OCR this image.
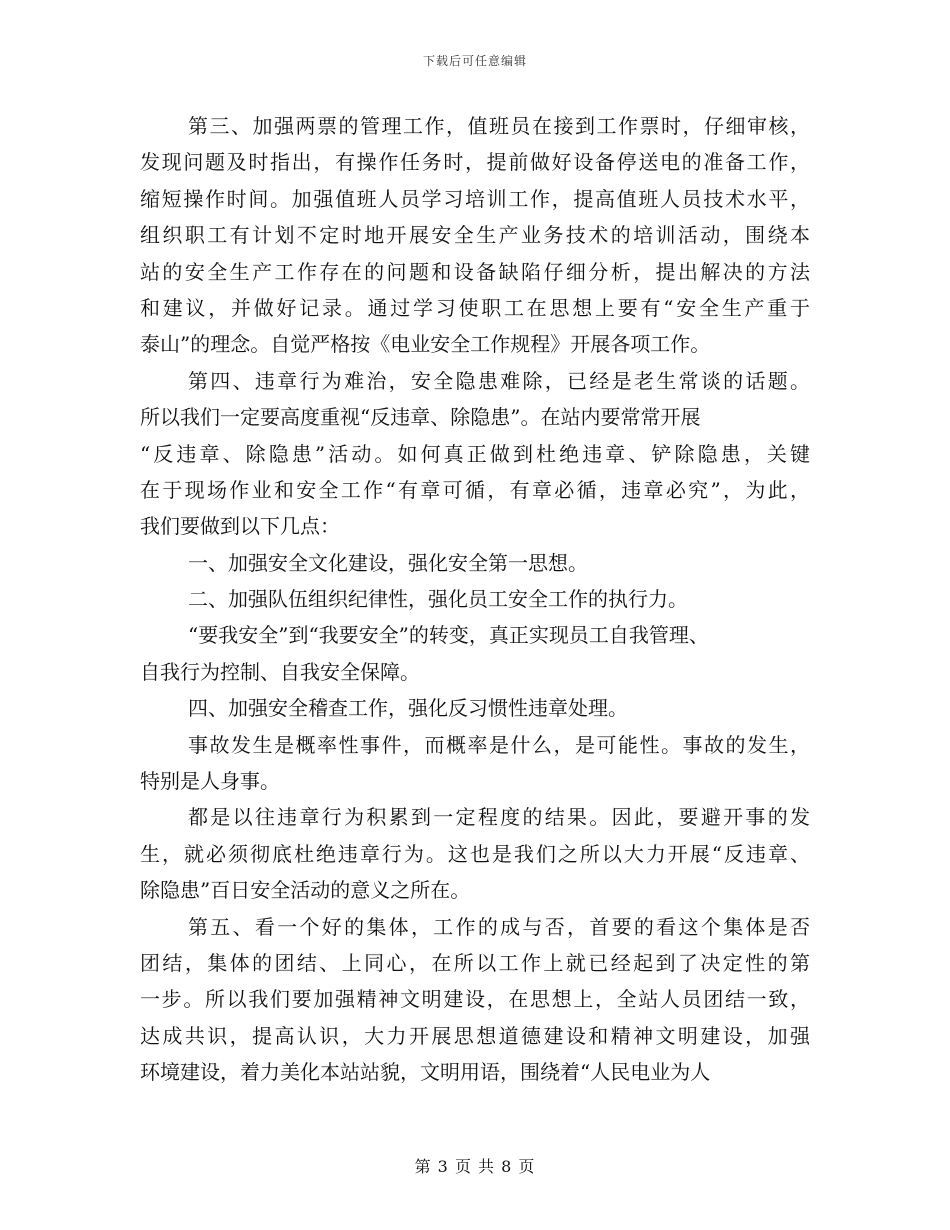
下载后可任意编辑
第三、加强两票的管理工作，值班员在接到工作票时，仔细审核，
发现问题及时指出，有操作任务时，提前做好设备停送电的准备工作，
缩短操作时间。加强值班人员学习培训工作，提高值班人员技术水平，
组织职工有计划不定时地开展安全生产业务技术的培训活动，围绕本
站的安全生产工作存在的问题和设备缺陷仔细分析，提出解决的方法
和建议，并做好记录。通过学习使职工在思想上要有“安全生产重于
泰山”的理念。自觉严格按《电业安全工作规程》开展各项工作。
第四、违章行为难治，安全隐患难除，已经是老生常谈的话题。
所以我们一定要高度重视“反违章、除隐患”。在站内要常常开展
“反违章、除隐患”活动。如何真正做到杜绝违章、铲除隐患，关键
在于现场作业和安全工作“有章可循，有章必循，违章必究”，为此，
我们要做到以下几点：
一、加强安全文化建设，强化安全第一思想。
二、加强队伍组织纪律性，强化员工安全工作的执行力。
“要我安全”到“我要安全”的转变，真正实现员工自我管理、
自我行为控制、自我安全保障。
四、加强安全稽查工作，强化反习惯性违章处理。
事故发生是概率性事件，而概率是什么，是可能性。事故的发生，
特别是人身事。
都是以往违章行为积累到一定程度的结果。因此，要避开事的发
生，就必须彻底杜绝违章行为。这也是我们之所以大力开展“反违章、
除隐患”百日安全活动的意义之所在。
第五、看一个好的集体，工作的成与否，首要的看这个集体是否
团结，集体的团结、上同心，在所以工作上就已经起到了决定性的第
一步。所以我们要加强精神文明建设，在思想上，全站人员团结一致，
达成共识，提高认识，大力开展思想道德建设和精神文明建设，加强
环境建设，着力美化本站站貌，文明用语，围绕着“人民电业为人
第 3 页 共 8 页
